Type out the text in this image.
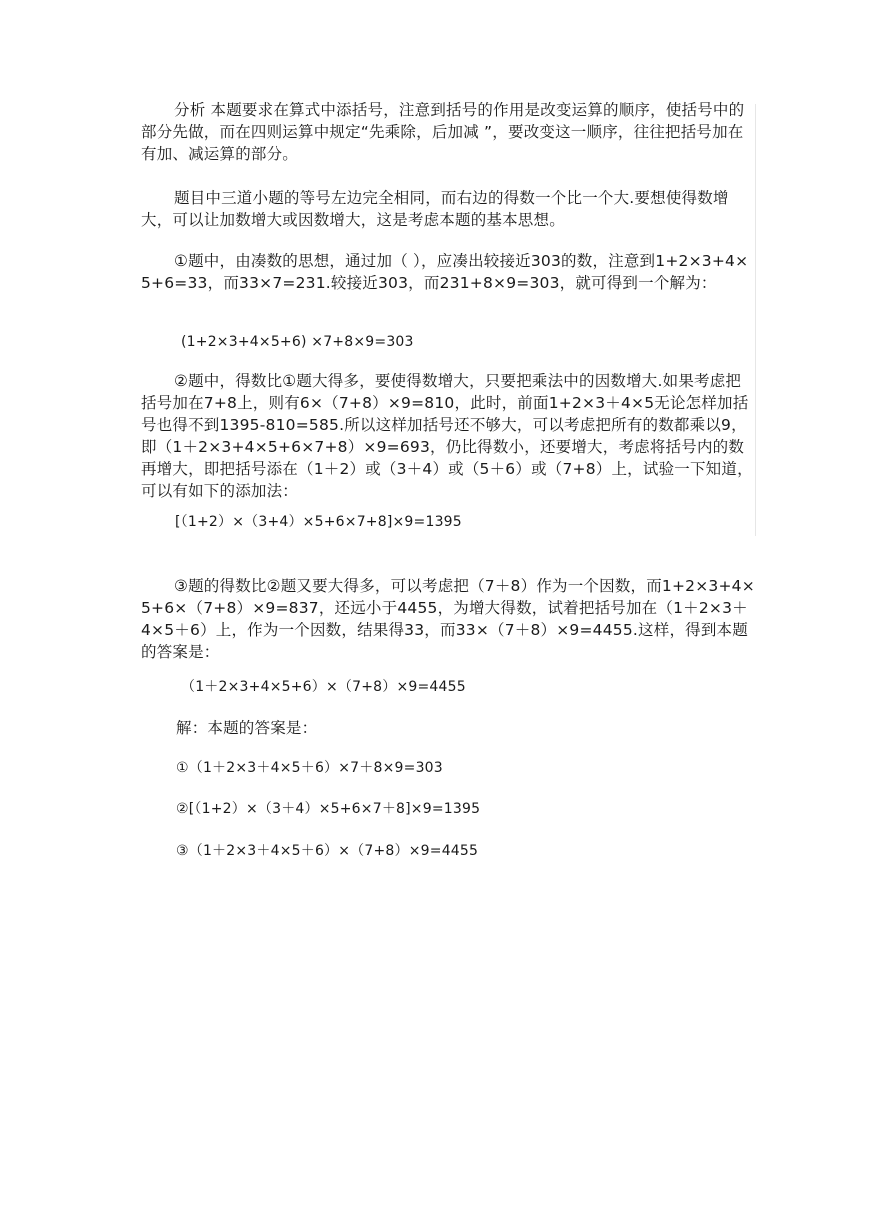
分析 本题要求在算式中添括号，注意到括号的作用是改变运算的顺序，使括号中的部分先做，而在四则运算中规定“先乘除，后加减 ”，要改变这一顺序，往往把括号加在有加、减运算的部分。

题目中三道小题的等号左边完全相同，而右边的得数一个比一个大.要想使得数增大，可以让加数增大或因数增大，这是考虑本题的基本思想。

①题中，由凑数的思想，通过加（ ），应凑出较接近303的数，注意到1+2×3+4×5+6=33，而33×7=231.较接近303，而231+8×9=303，就可得到一个解为：

(1+2×3+4×5+6) ×7+8×9=303

②题中，得数比①题大得多，要使得数增大，只要把乘法中的因数增大.如果考虑把括号加在7+8上，则有6×（7+8）×9=810，此时，前面1+2×3＋4×5无论怎样加括号也得不到1395-810=585.所以这样加括号还不够大，可以考虑把所有的数都乘以9，即（1＋2×3+4×5+6×7+8）×9=693，仍比得数小，还要增大，考虑将括号内的数再增大，即把括号添在（1＋2）或（3＋4）或（5＋6）或（7+8）上，试验一下知道，可以有如下的添加法：

[（1+2）×（3+4）×5+6×7+8]×9=1395

③题的得数比②题又要大得多，可以考虑把（7＋8）作为一个因数，而1+2×3+4×5+6×（7+8）×9=837，还远小于4455，为增大得数，试着把括号加在（1＋2×3＋4×5＋6）上，作为一个因数，结果得33，而33×（7＋8）×9=4455.这样，得到本题的答案是：

（1＋2×3+4×5+6）×（7+8）×9=4455
解：本题的答案是：
①（1＋2×3＋4×5＋6）×7＋8×9=303
②[（1+2）×（3＋4）×5+6×7＋8]×9=1395
③（1＋2×3＋4×5＋6）×（7+8）×9=4455
